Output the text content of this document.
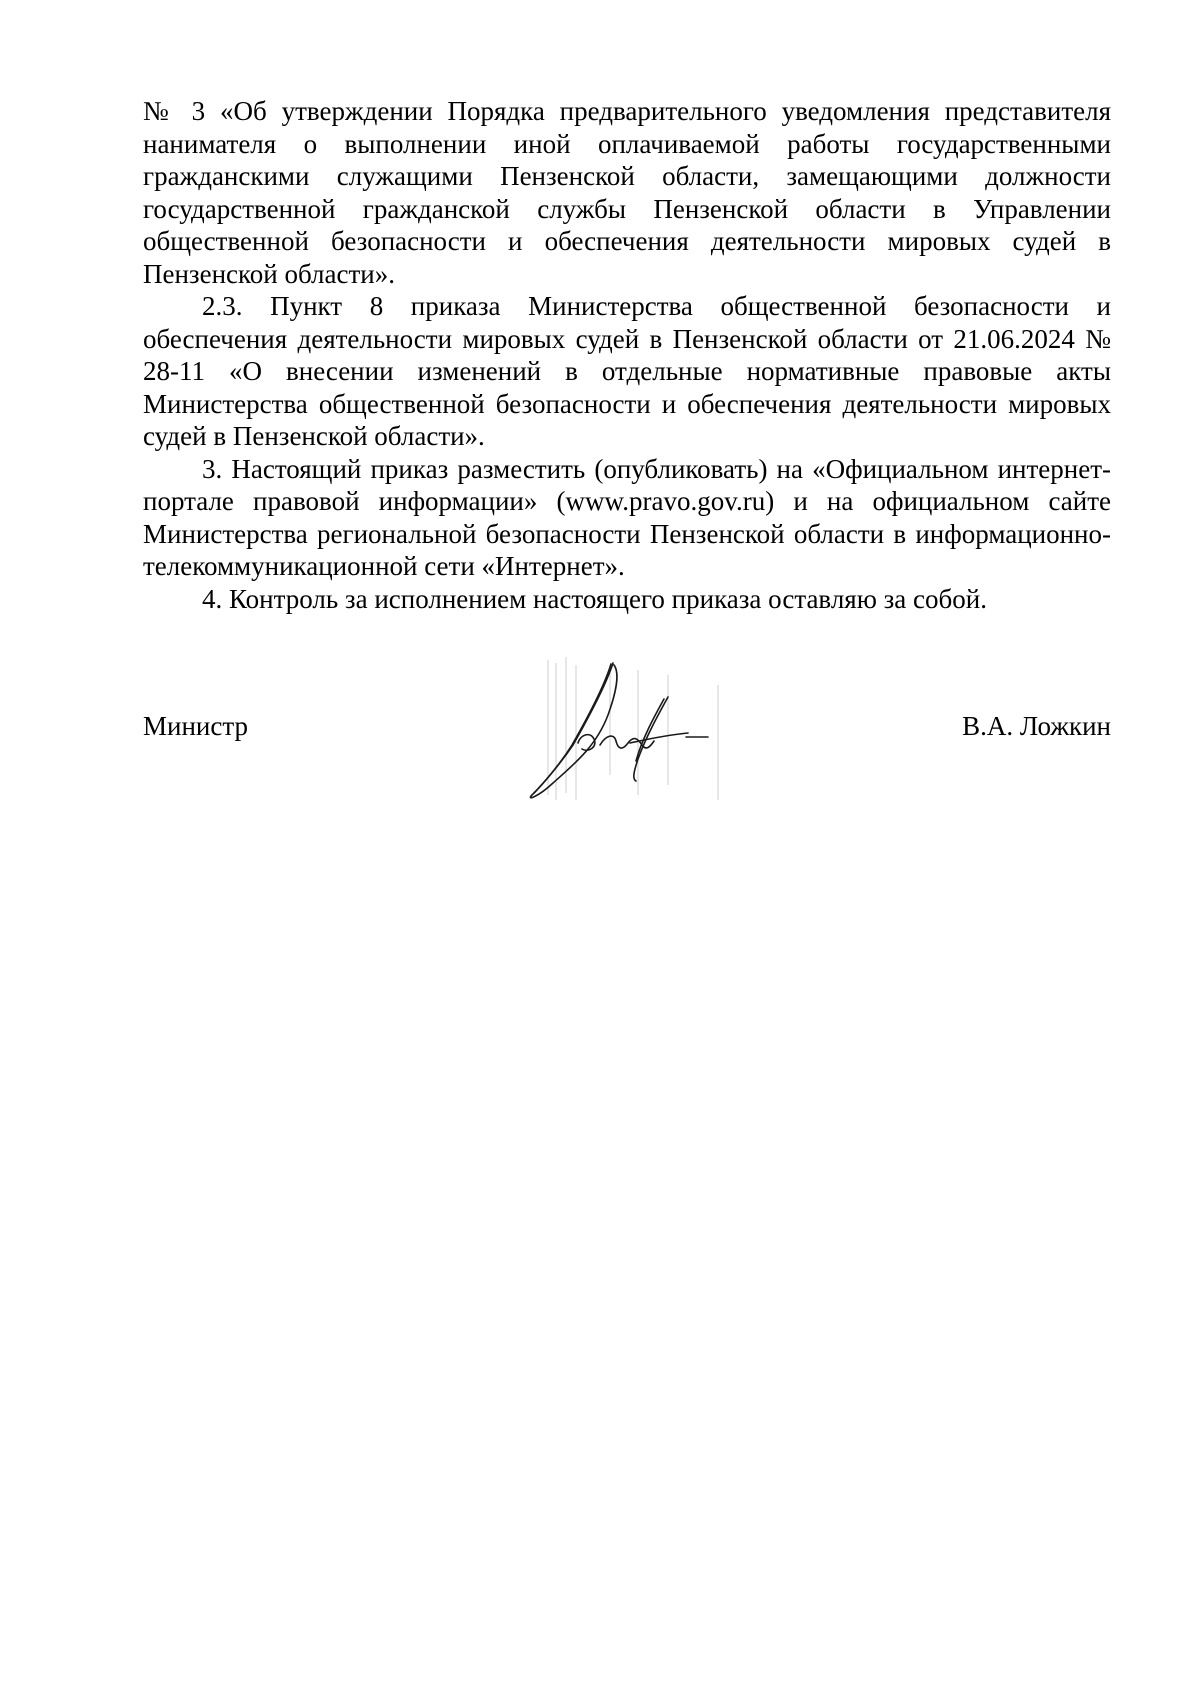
№ 3 «Об утверждении Порядка предварительного уведомления представителя нанимателя о выполнении иной оплачиваемой работы государственными гражданскими служащими Пензенской области, замещающими должности государственной гражданской службы Пензенской области в Управлении общественной безопасности и обеспечения деятельности мировых судей в Пензенской области».

2.3. Пункт 8 приказа Министерства общественной безопасности и обеспечения деятельности мировых судей в Пензенской области от 21.06.2024 № 28-11 «О внесении изменений в отдельные нормативные правовые акты Министерства общественной безопасности и обеспечения деятельности мировых судей в Пензенской области».

3. Настоящий приказ разместить (опубликовать) на «Официальном интернет-портале правовой информации» (www.pravo.gov.ru) и на официальном сайте Министерства региональной безопасности Пензенской области в информационно-телекоммуникационной сети «Интернет».

4. Контроль за исполнением настоящего приказа оставляю за собой.

Министр	В.А. Ложкин
